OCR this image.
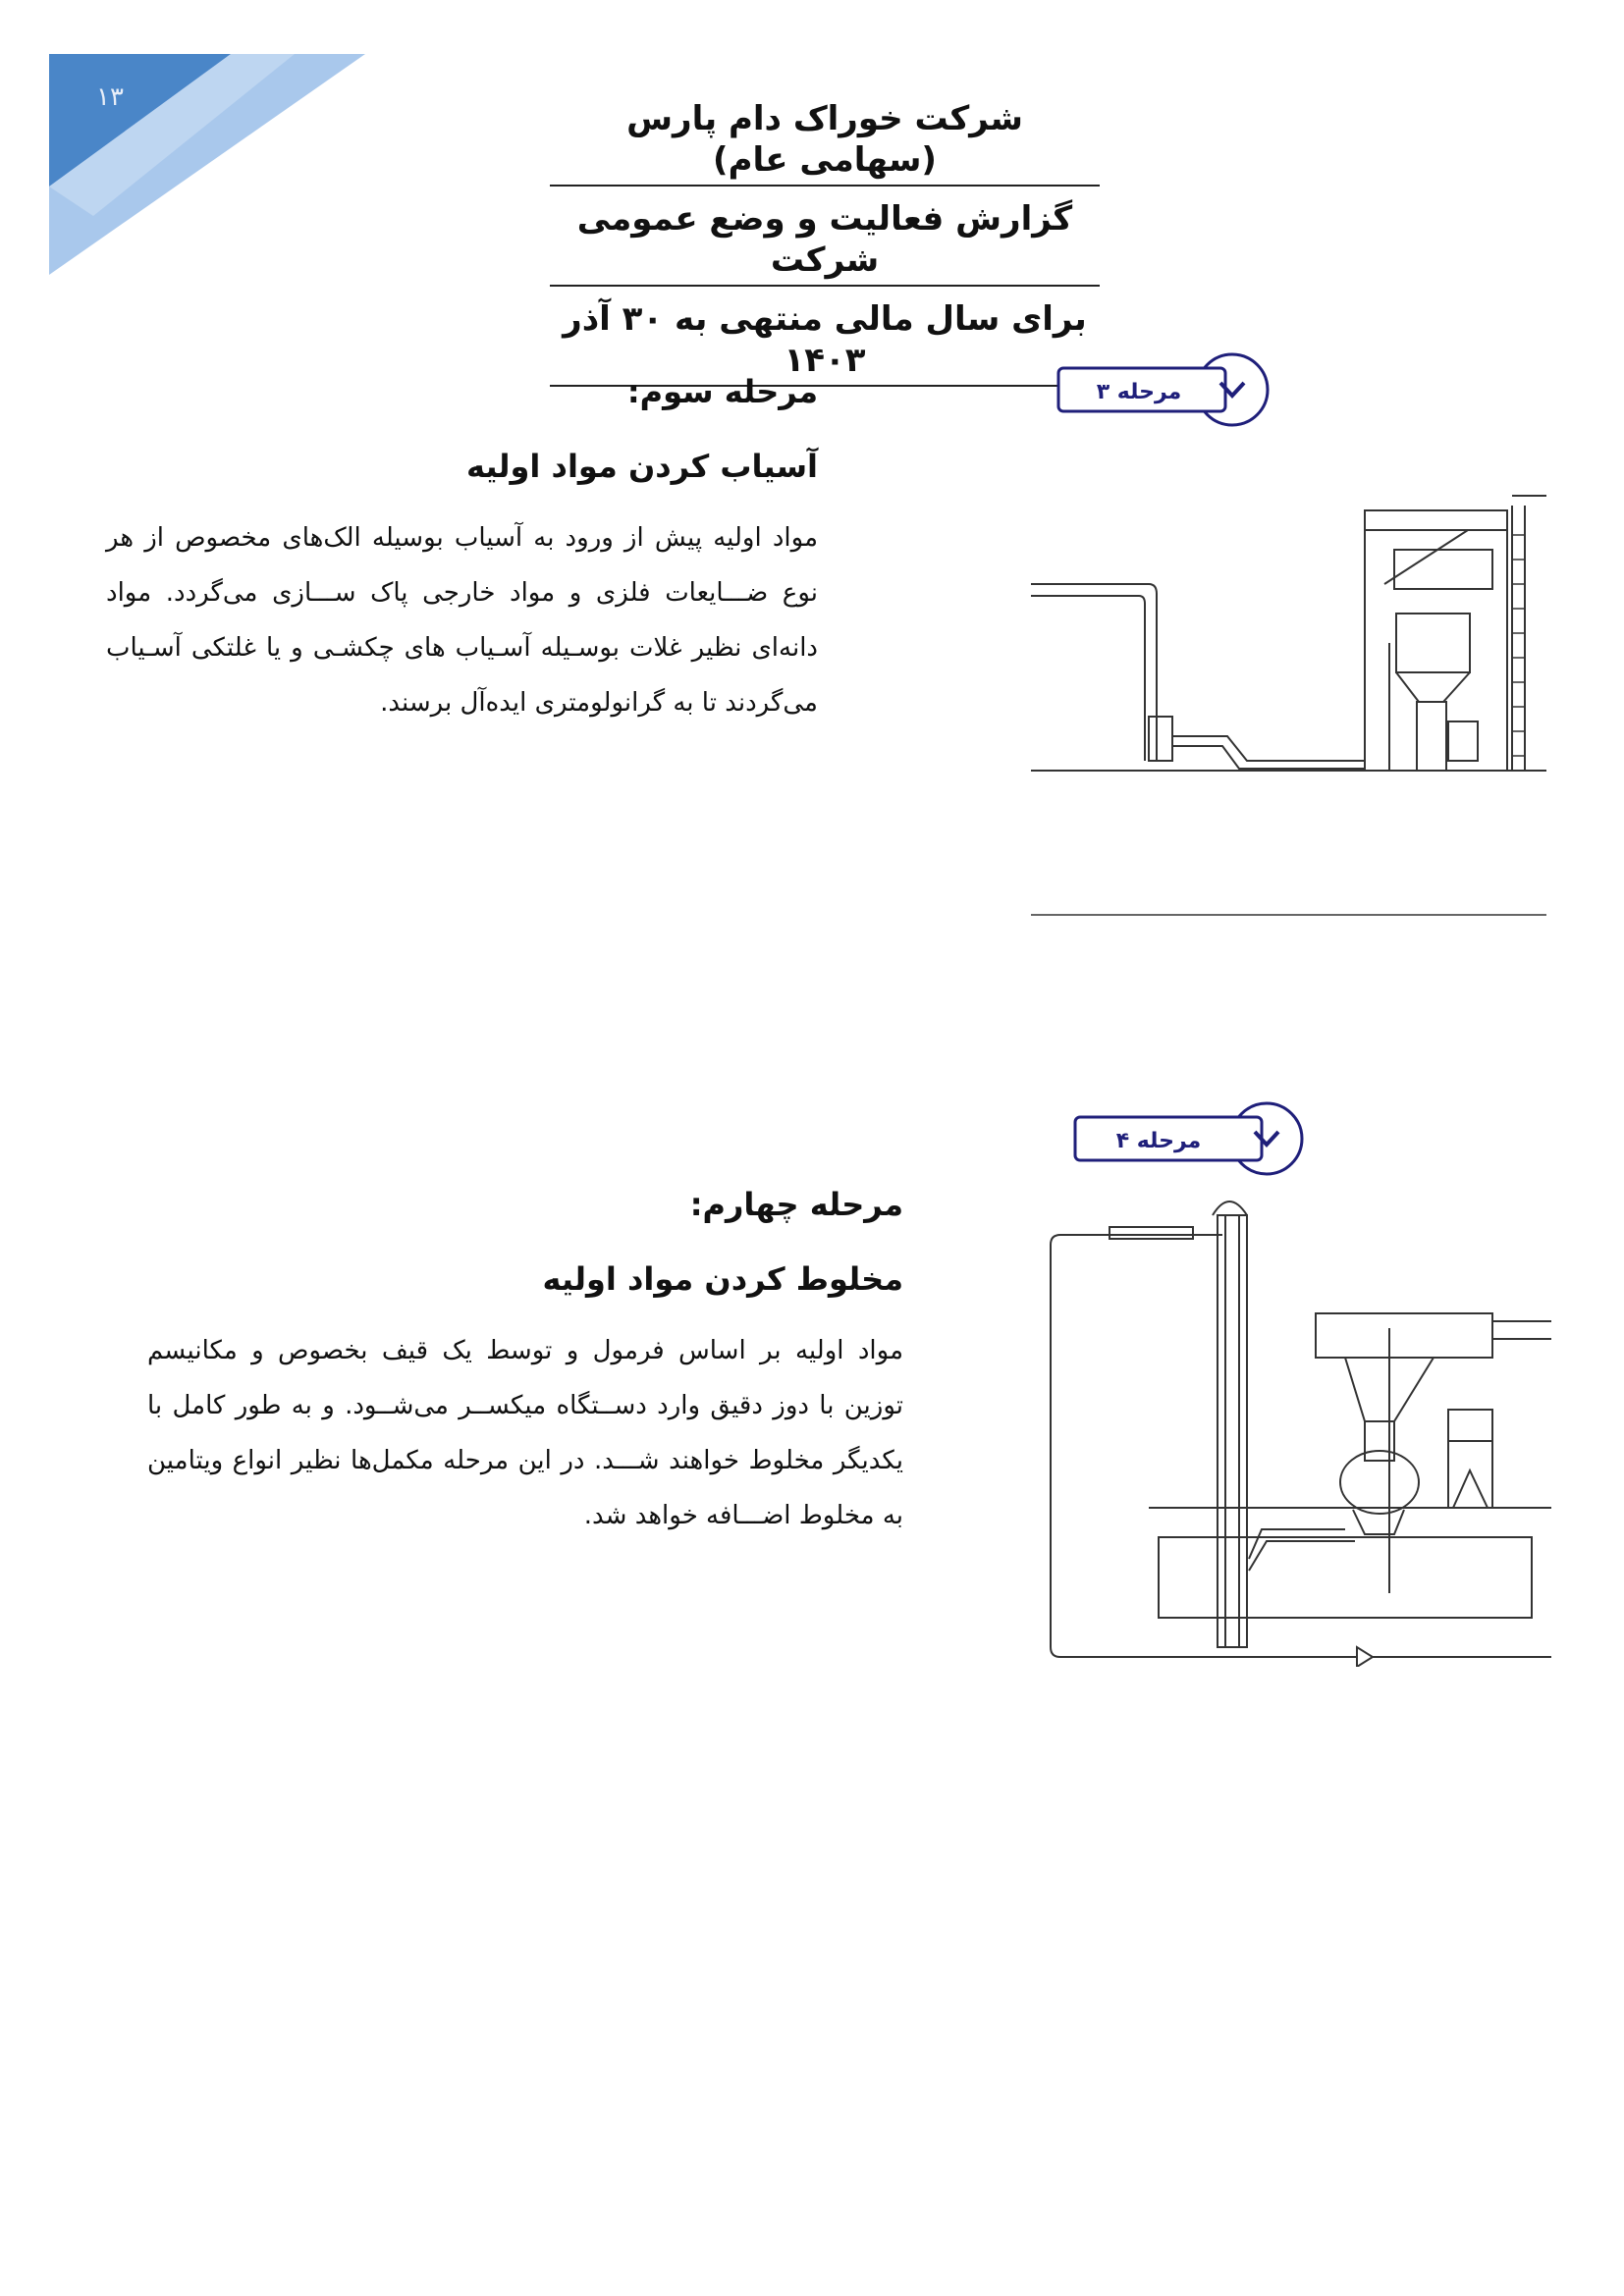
۱۳
شرکت خوراک دام پارس (سهامی عام)
گزارش فعالیت و وضع عمومی شرکت
برای سال مالی منتهی به ۳۰ آذر ۱۴۰۳

مرحله سوم:

آسیاب کردن مواد اولیه

مواد اولیه پیش از ورود به آسیاب بوسیله الک‌های مخصوص از هر نوع ضـــایعات فلزی و مواد خارجی پاک ســـازی می‌گردد. مواد دانه‌ای نظیر غلات بوسـیله آسـیاب های چکشـی و یا غلتکی آسـیاب می‌گردند تا به گرانولومتری ایده‌آل برسند.

مرحله ۳

مرحله چهارم:

مخلوط کردن مواد اولیه

مواد اولیه بر اساس فرمول و توسط یک قیف بخصوص و مکانیسم توزین با دوز دقیق وارد دســتگاه میکســر می‌شــود. و به طور کامل با یکدیگر مخلوط خواهند شـــد. در این مرحله مکمل‌ها نظیر انواع ویتامین به مخلوط اضـــافه خواهد شد.

مرحله ۴
